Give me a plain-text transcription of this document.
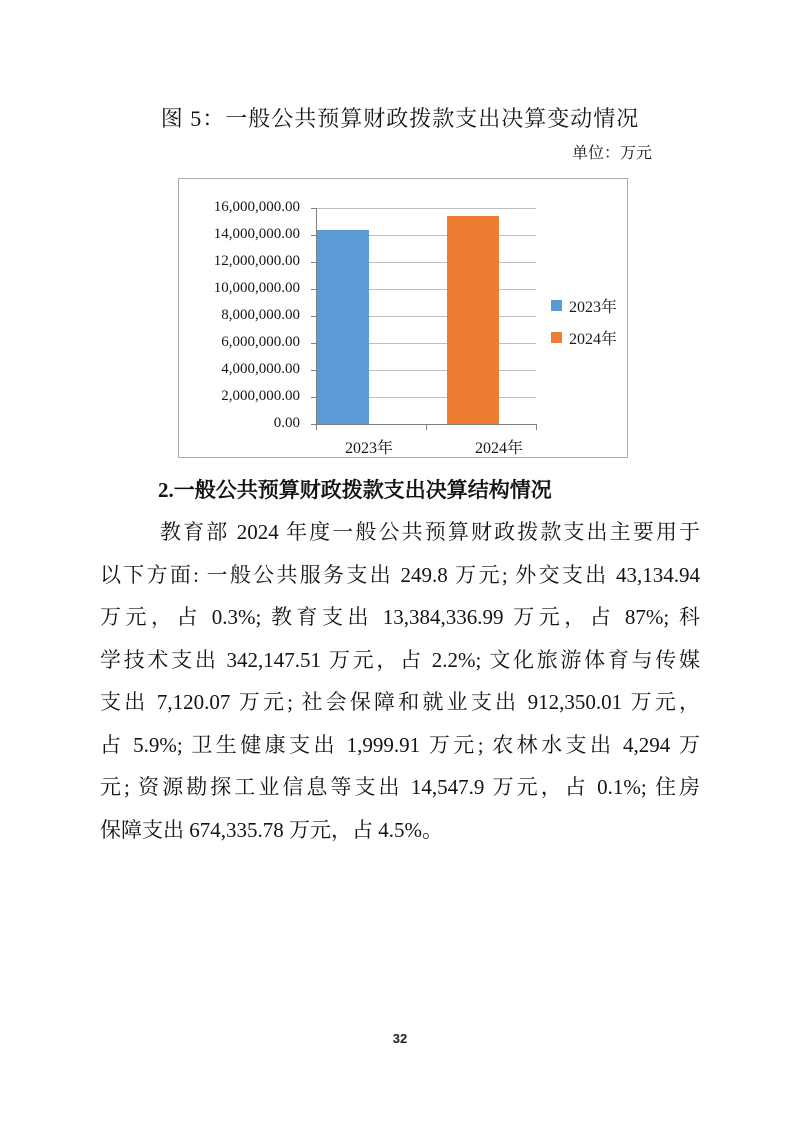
图 5：一般公共预算财政拨款支出决算变动情况
单位：万元
16,000,000.00
14,000,000.00
12,000,000.00
10,000,000.00
8,000,000.00
6,000,000.00
4,000,000.00
2,000,000.00
0.00
2023年	2024年
2023年
2024年
2.一般公共预算财政拨款支出决算结构情况
教育部 2024 年度一般公共预算财政拨款支出主要用于
以下方面: 一般公共服务支出 249.8 万元; 外交支出 43,134.94
万元，占 0.3%; 教育支出 13,384,336.99 万元，占 87%; 科
学技术支出 342,147.51 万元，占 2.2%; 文化旅游体育与传媒
支出 7,120.07 万元; 社会保障和就业支出 912,350.01 万元，
占 5.9%; 卫生健康支出 1,999.91 万元; 农林水支出 4,294 万
元; 资源勘探工业信息等支出 14,547.9 万元，占 0.1%; 住房
保障支出 674,335.78 万元，占 4.5%。
32
